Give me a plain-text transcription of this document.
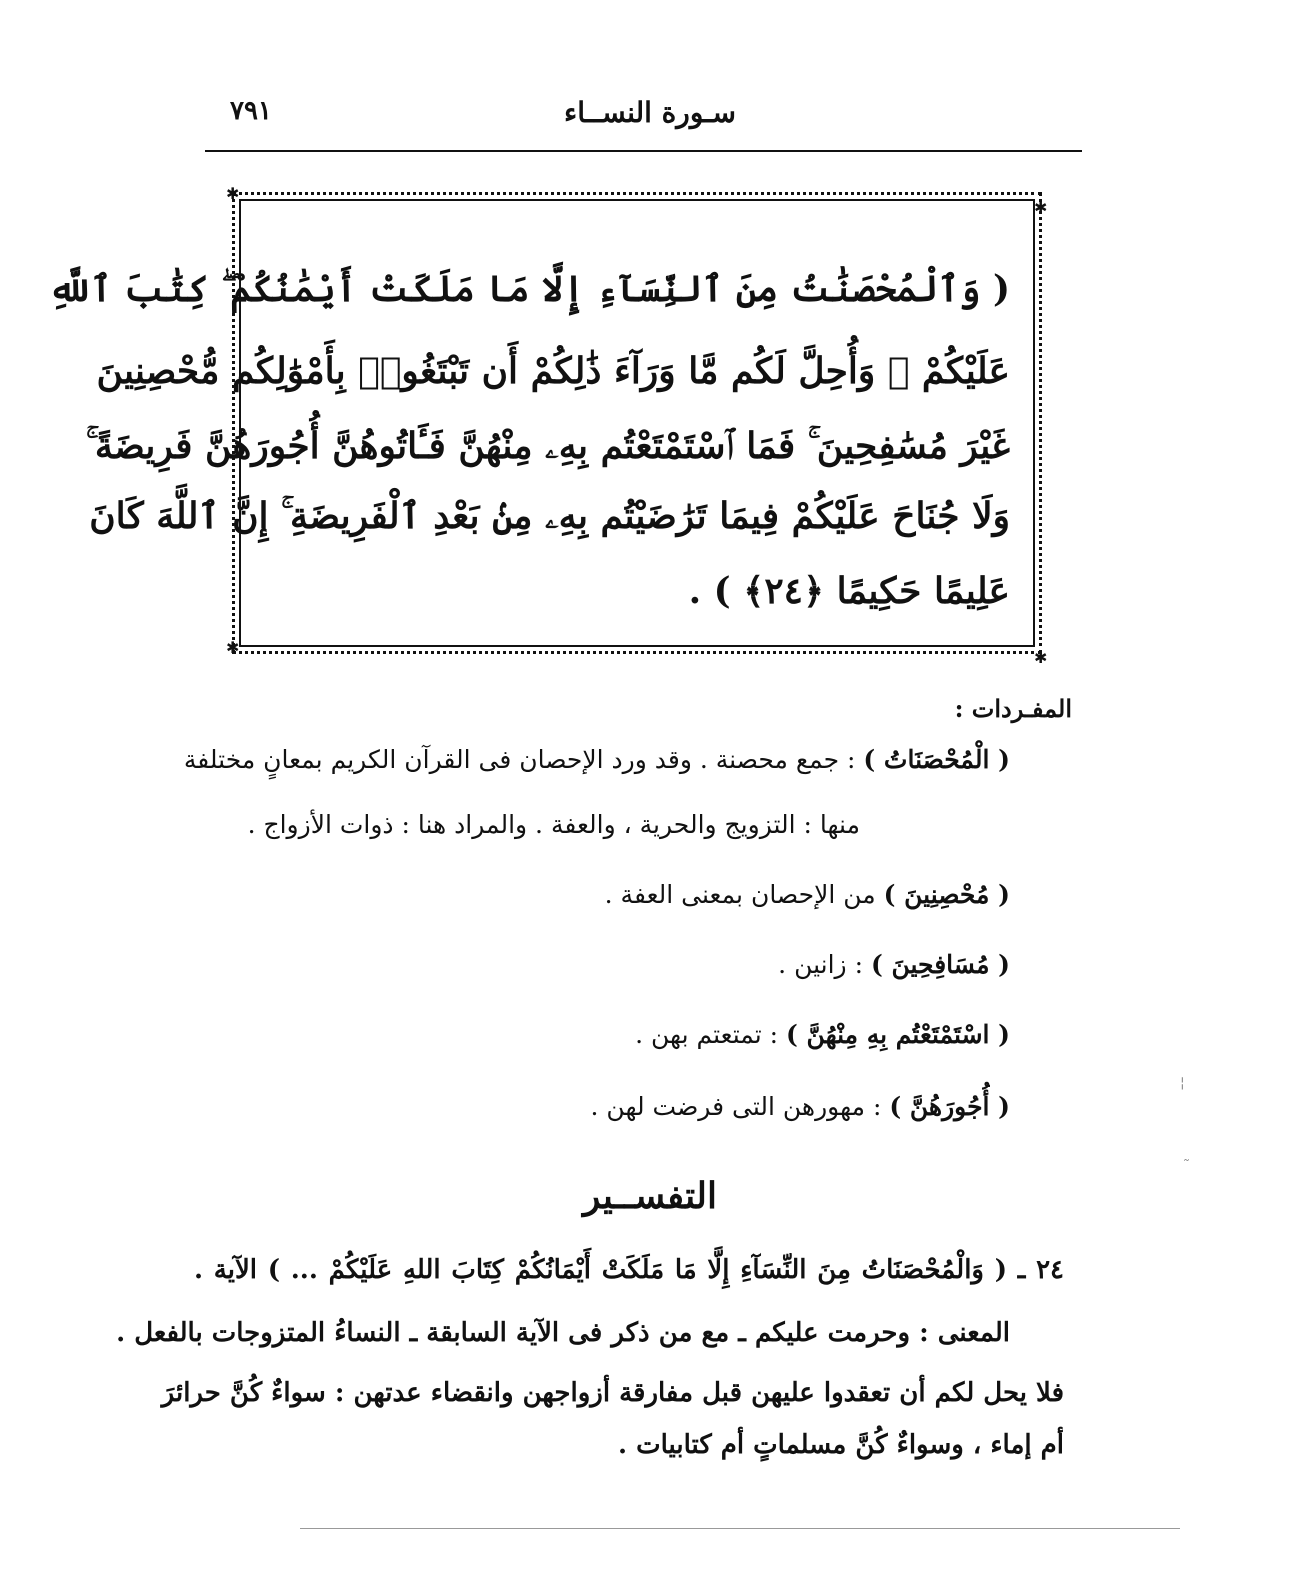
٧٩١	سـورة النســاء
✱
✱
✱
✱
( وَٱلْمُحْصَنَٰتُ مِنَ ٱلنِّسَآءِ إِلَّا مَا مَلَكَتْ أَيْمَٰنُكُمْ ۖ كِتَٰبَ ٱللَّهِ
عَلَيْكُمْ ۚ وَأُحِلَّ لَكُم مَّا وَرَآءَ ذَٰلِكُمْ أَن تَبْتَغُوا۟ بِأَمْوَٰلِكُم مُّحْصِنِينَ
غَيْرَ مُسَٰفِحِينَ ۚ فَمَا ٱسْتَمْتَعْتُم بِهِۦ مِنْهُنَّ فَـَٔاتُوهُنَّ أُجُورَهُنَّ فَرِيضَةً ۚ
وَلَا جُنَاحَ عَلَيْكُمْ فِيمَا تَرَٰضَيْتُم بِهِۦ مِنۢ بَعْدِ ٱلْفَرِيضَةِ ۚ إِنَّ ٱللَّهَ كَانَ
عَلِيمًا حَكِيمًا ﴿٢٤﴾ ) .
المفـردات :
( الْمُحْصَنَاتُ ) : جمع محصنة . وقد ورد الإحصان فى القرآن الكريم بمعانٍ مختلفة
منها : التزويج والحرية ، والعفة . والمراد هنا : ذوات الأزواج .
( مُحْصِنِينَ ) من الإحصان بمعنى العفة .
( مُسَافِحِينَ ) : زانين .
( اسْتَمْتَعْتُم بِهِ مِنْهُنَّ ) : تمتعتم بهن .
( أُجُورَهُنَّ ) : مهورهن التى فرضت لهن .
التفســير
٢٤ ـ ( وَالْمُحْصَنَاتُ مِنَ النِّسَآءِ إِلَّا مَا مَلَكَتْ أَيْمَانُكُمْ كِتَابَ اللهِ عَلَيْكُمْ ... ) الآية .
المعنى : وحرمت عليكم ـ مع من ذكر فى الآية السابقة ـ النساءُ المتزوجات بالفعل .
فلا يحل لكم أن تعقدوا عليهن قبل مفارقة أزواجهن وانقضاء عدتهن : سواءٌ كُنَّ حرائرَ
أم إماء ، وسواءٌ كُنَّ مسلماتٍ أم كتابيات .
¦
˜
